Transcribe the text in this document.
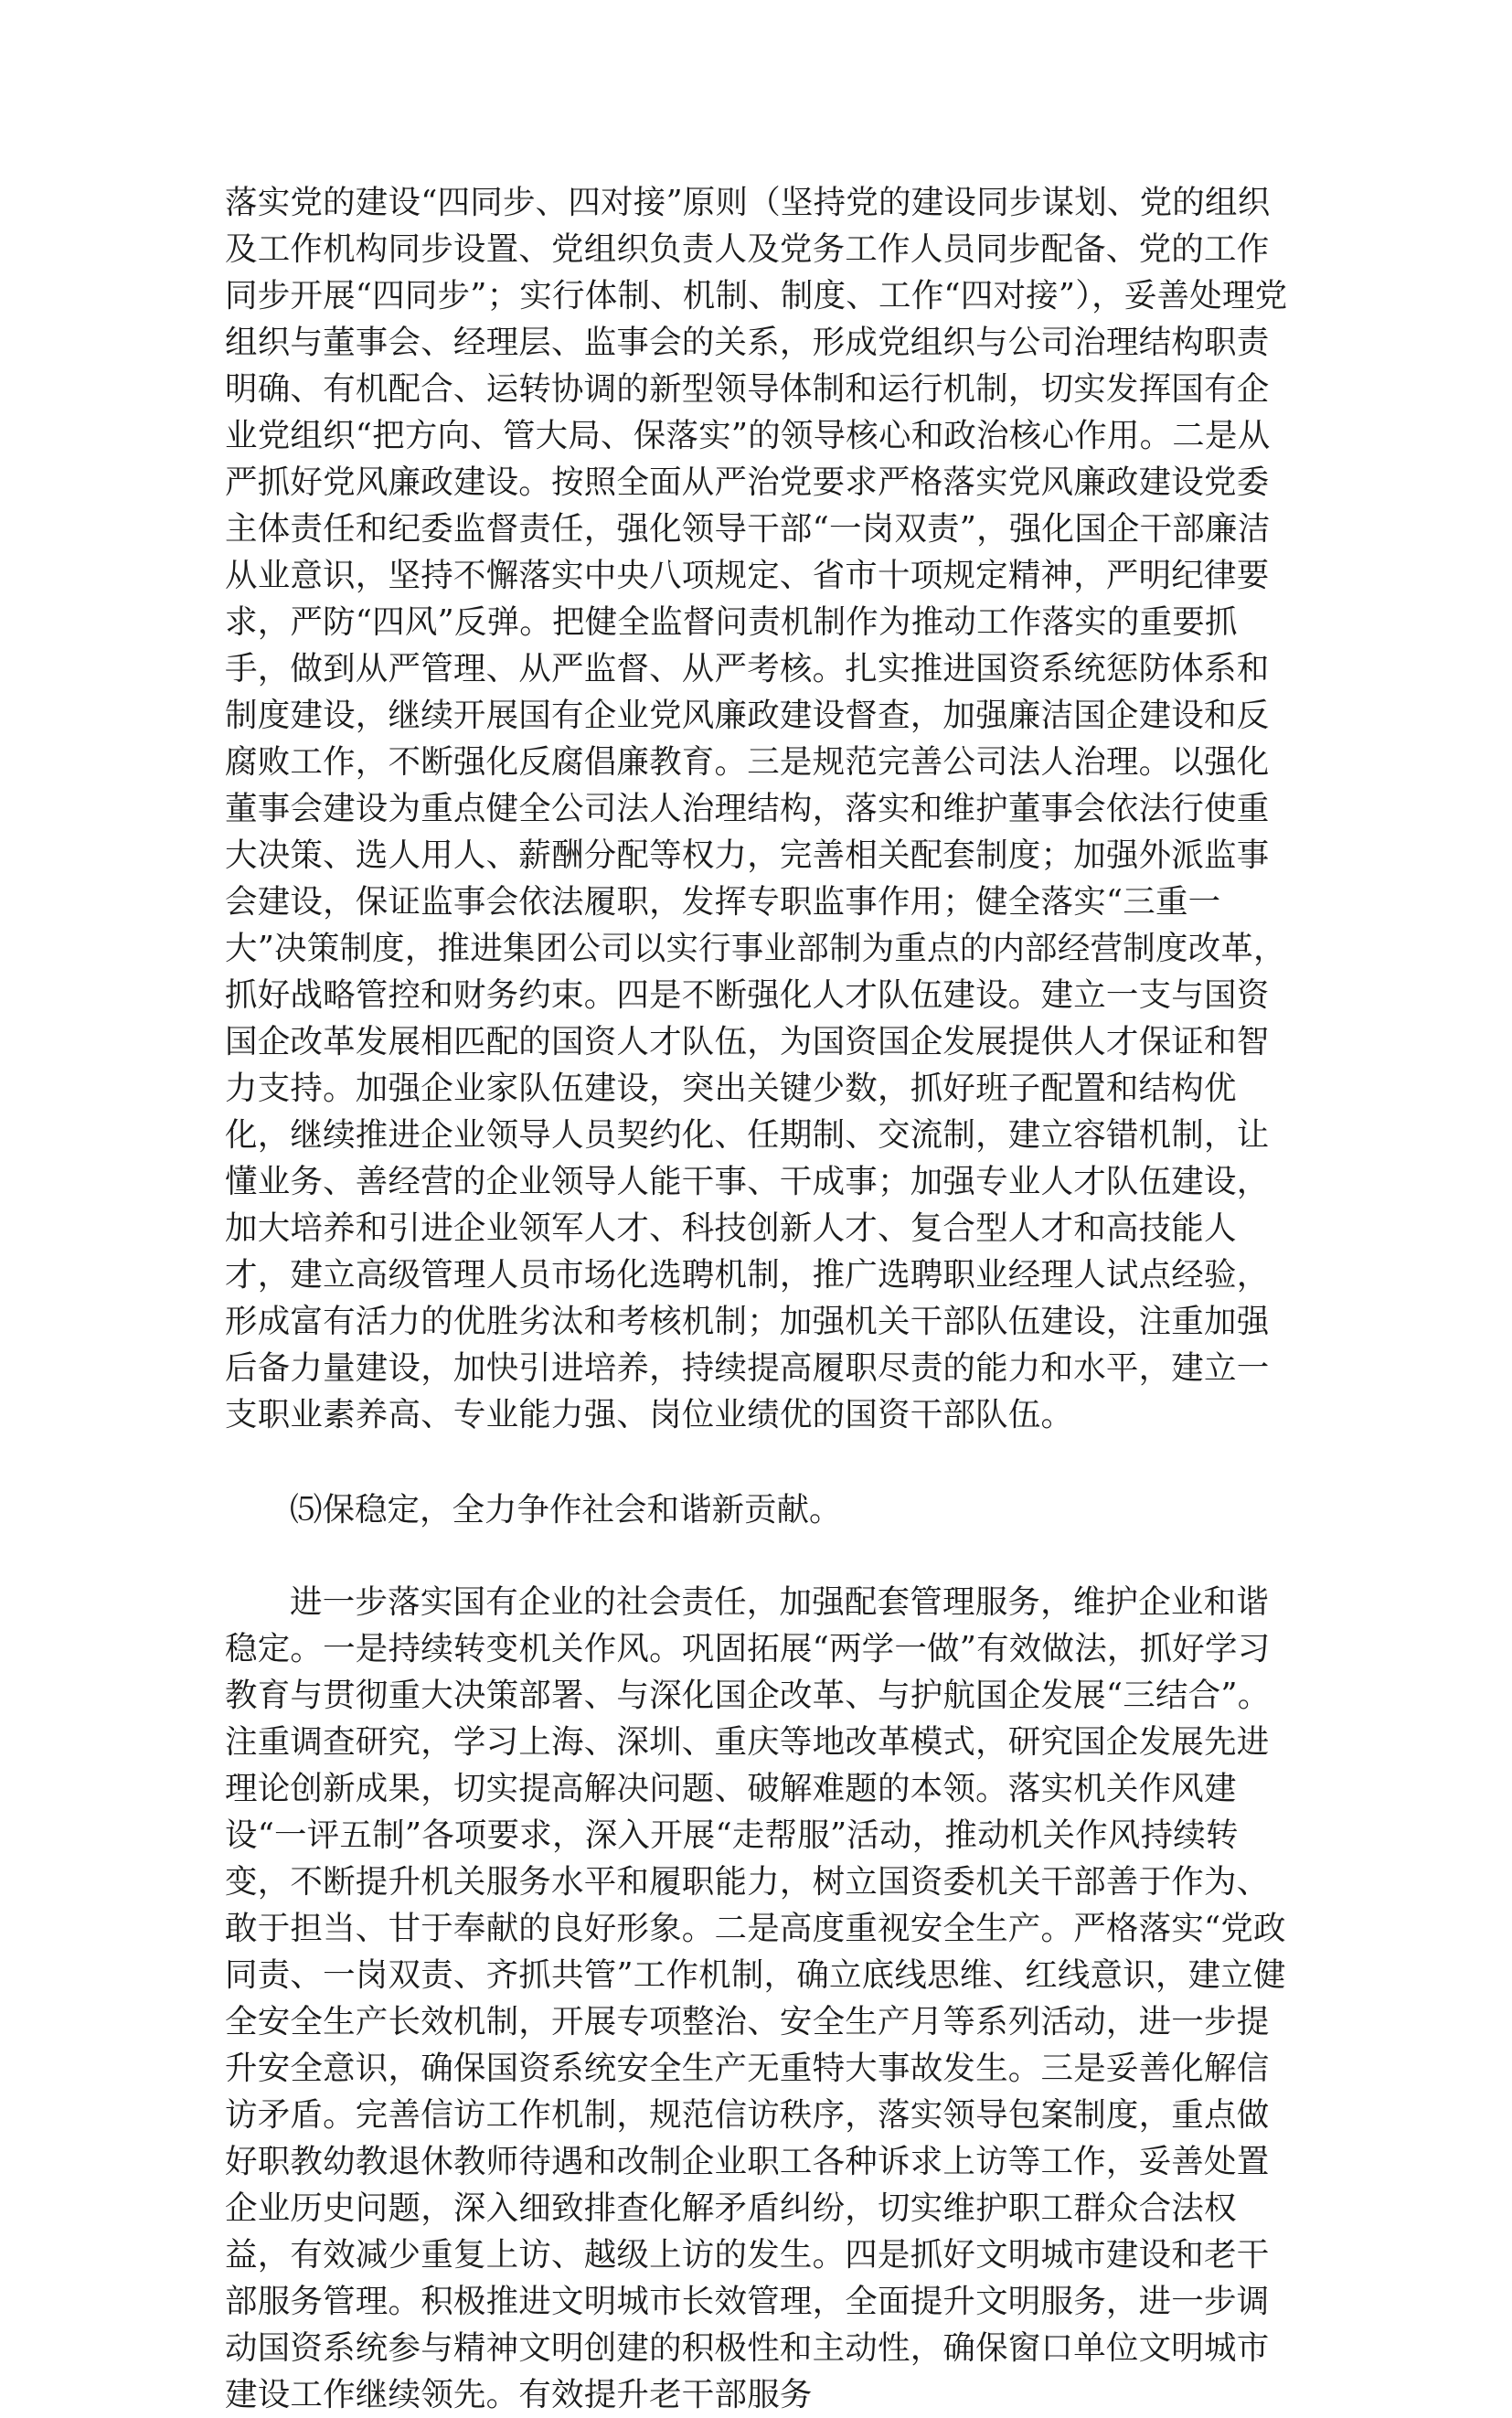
落实党的建设“四同步、四对接”原则（坚持党的建设同步谋划、党的组织及工作机构同步设置、党组织负责人及党务工作人员同步配备、党的工作同步开展“四同步”；实行体制、机制、制度、工作“四对接”），妥善处理党组织与董事会、经理层、监事会的关系，形成党组织与公司治理结构职责明确、有机配合、运转协调的新型领导体制和运行机制，切实发挥国有企业党组织“把方向、管大局、保落实”的领导核心和政治核心作用。二是从严抓好党风廉政建设。按照全面从严治党要求严格落实党风廉政建设党委主体责任和纪委监督责任，强化领导干部“一岗双责”，强化国企干部廉洁从业意识，坚持不懈落实中央八项规定、省市十项规定精神，严明纪律要求，严防“四风”反弹。把健全监督问责机制作为推动工作落实的重要抓手，做到从严管理、从严监督、从严考核。扎实推进国资系统惩防体系和制度建设，继续开展国有企业党风廉政建设督查，加强廉洁国企建设和反腐败工作，不断强化反腐倡廉教育。三是规范完善公司法人治理。以强化董事会建设为重点健全公司法人治理结构，落实和维护董事会依法行使重大决策、选人用人、薪酬分配等权力，完善相关配套制度；加强外派监事会建设，保证监事会依法履职，发挥专职监事作用；健全落实“三重一大”决策制度，推进集团公司以实行事业部制为重点的内部经营制度改革，抓好战略管控和财务约束。四是不断强化人才队伍建设。建立一支与国资国企改革发展相匹配的国资人才队伍，为国资国企发展提供人才保证和智力支持。加强企业家队伍建设，突出关键少数，抓好班子配置和结构优化，继续推进企业领导人员契约化、任期制、交流制，建立容错机制，让懂业务、善经营的企业领导人能干事、干成事；加强专业人才队伍建设，加大培养和引进企业领军人才、科技创新人才、复合型人才和高技能人才，建立高级管理人员市场化选聘机制，推广选聘职业经理人试点经验，形成富有活力的优胜劣汰和考核机制；加强机关干部队伍建设，注重加强后备力量建设，加快引进培养，持续提高履职尽责的能力和水平，建立一支职业素养高、专业能力强、岗位业绩优的国资干部队伍。

⑸保稳定，全力争作社会和谐新贡献。

进一步落实国有企业的社会责任，加强配套管理服务，维护企业和谐稳定。一是持续转变机关作风。巩固拓展“两学一做”有效做法，抓好学习教育与贯彻重大决策部署、与深化国企改革、与护航国企发展“三结合”。注重调查研究，学习上海、深圳、重庆等地改革模式，研究国企发展先进理论创新成果，切实提高解决问题、破解难题的本领。落实机关作风建设“一评五制”各项要求，深入开展“走帮服”活动，推动机关作风持续转变，不断提升机关服务水平和履职能力，树立国资委机关干部善于作为、敢于担当、甘于奉献的良好形象。二是高度重视安全生产。严格落实“党政同责、一岗双责、齐抓共管”工作机制，确立底线思维、红线意识，建立健全安全生产长效机制，开展专项整治、安全生产月等系列活动，进一步提升安全意识，确保国资系统安全生产无重特大事故发生。三是妥善化解信访矛盾。完善信访工作机制，规范信访秩序，落实领导包案制度，重点做好职教幼教退休教师待遇和改制企业职工各种诉求上访等工作，妥善处置企业历史问题，深入细致排查化解矛盾纠纷，切实维护职工群众合法权益，有效减少重复上访、越级上访的发生。四是抓好文明城市建设和老干部服务管理。积极推进文明城市长效管理，全面提升文明服务，进一步调动国资系统参与精神文明创建的积极性和主动性，确保窗口单位文明城市建设工作继续领先。有效提升老干部服务
